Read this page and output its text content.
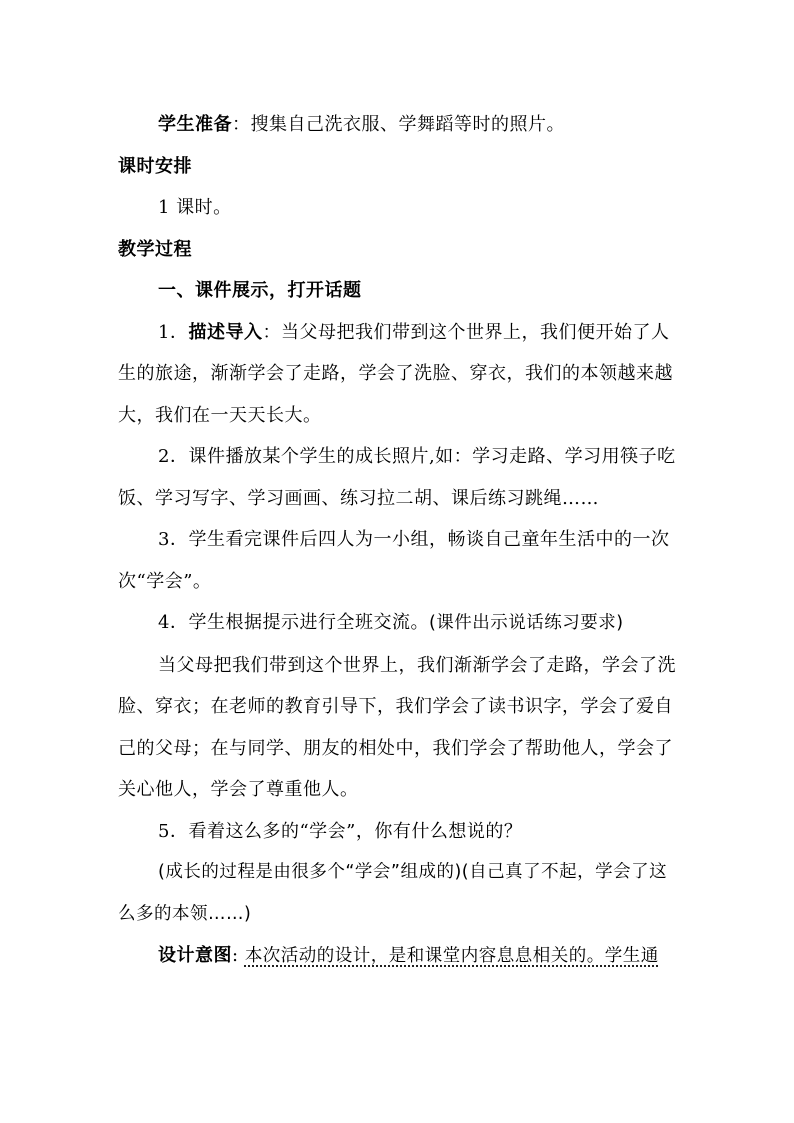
学生准备：搜集自己洗衣服、学舞蹈等时的照片。

课时安排

1 课时。

教学过程

一、课件展示，打开话题

1．描述导入：当父母把我们带到这个世界上，我们便开始了人生的旅途，渐渐学会了走路，学会了洗脸、穿衣，我们的本领越来越大，我们在一天天长大。

2．课件播放某个学生的成长照片,如：学习走路、学习用筷子吃饭、学习写字、学习画画、练习拉二胡、课后练习跳绳……

3．学生看完课件后四人为一小组，畅谈自己童年生活中的一次次“学会”。

4．学生根据提示进行全班交流。(课件出示说话练习要求)

当父母把我们带到这个世界上，我们渐渐学会了走路，学会了洗脸、穿衣；在老师的教育引导下，我们学会了读书识字，学会了爱自己的父母；在与同学、朋友的相处中，我们学会了帮助他人，学会了关心他人，学会了尊重他人。

5．看着这么多的“学会”，你有什么想说的？

(成长的过程是由很多个“学会”组成的)(自己真了不起，学会了这么多的本领……)

设计意图: 本次活动的设计，是和课堂内容息息相关的。学生通
